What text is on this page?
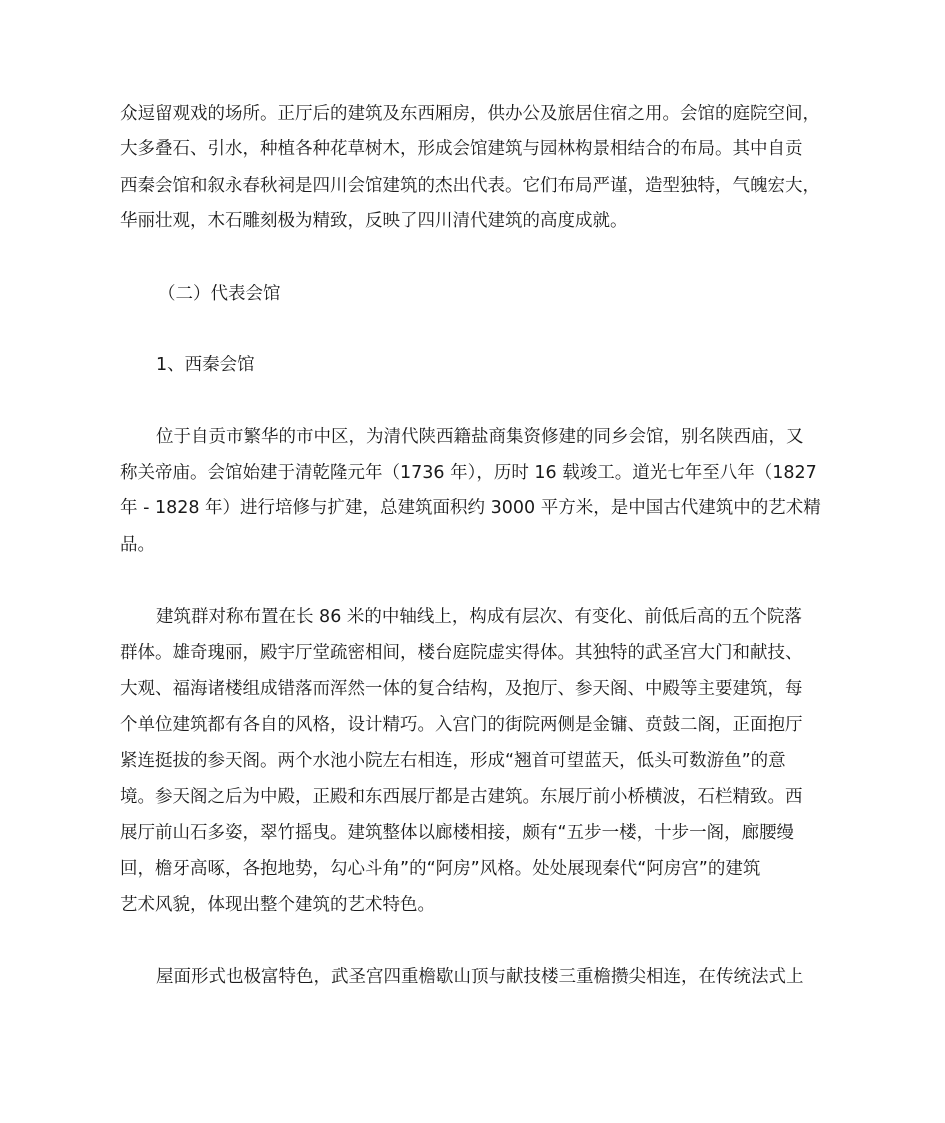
众逗留观戏的场所。正厅后的建筑及东西厢房，供办公及旅居住宿之用。会馆的庭院空间，

大多叠石、引水，种植各种花草树木，形成会馆建筑与园林构景相结合的布局。其中自贡

西秦会馆和叙永春秋祠是四川会馆建筑的杰出代表。它们布局严谨，造型独特，气魄宏大，

华丽壮观，木石雕刻极为精致，反映了四川清代建筑的高度成就。

（二）代表会馆

1、西秦会馆

位于自贡市繁华的市中区，为清代陕西籍盐商集资修建的同乡会馆，别名陕西庙，又

称关帝庙。会馆始建于清乾隆元年（1736 年），历时 16 载竣工。道光七年至八年（1827

年 - 1828 年）进行培修与扩建，总建筑面积约 3000 平方米，是中国古代建筑中的艺术精

品。

建筑群对称布置在长 86 米的中轴线上，构成有层次、有变化、前低后高的五个院落

群体。雄奇瑰丽，殿宇厅堂疏密相间，楼台庭院虚实得体。其独特的武圣宫大门和献技、

大观、福海诸楼组成错落而浑然一体的复合结构，及抱厅、参天阁、中殿等主要建筑，每

个单位建筑都有各自的风格，设计精巧。入宫门的街院两侧是金镛、贲鼓二阁，正面抱厅

紧连挺拔的参天阁。两个水池小院左右相连，形成“翘首可望蓝天，低头可数游鱼”的意

境。参天阁之后为中殿，正殿和东西展厅都是古建筑。东展厅前小桥横波，石栏精致。西

展厅前山石多姿，翠竹摇曳。建筑整体以廊楼相接，颇有“五步一楼，十步一阁，廊腰缦

回，檐牙高啄，各抱地势，勾心斗角”的“阿房”风格。处处展现秦代“阿房宫”的建筑

艺术风貌，体现出整个建筑的艺术特色。

屋面形式也极富特色，武圣宫四重檐歇山顶与献技楼三重檐攒尖相连，在传统法式上
